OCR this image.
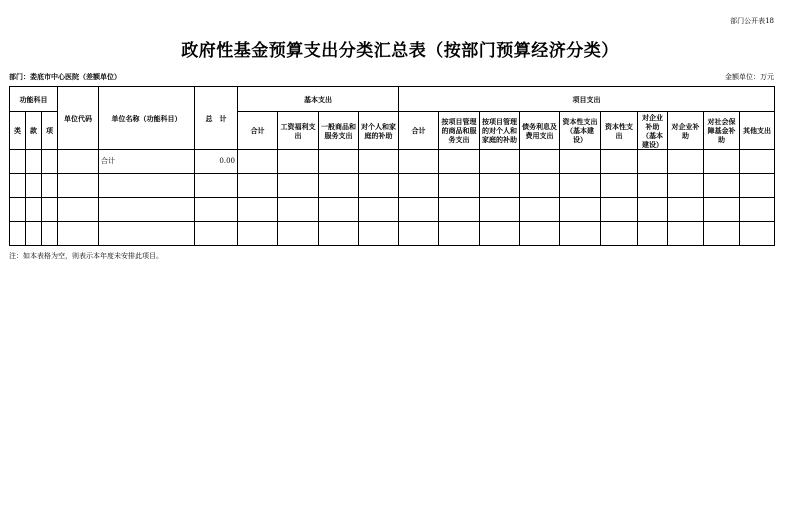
部门公开表18
政府性基金预算支出分类汇总表（按部门预算经济分类）
部门：娄底市中心医院（差额单位）	金额单位：万元
功能科目			单位代码	单位名称（功能科目）	总　计	基本支出				项目支出									
类	款	项				合计	工资福利支出	一般商品和服务支出	对个人和家庭的补助	合计	按项目管理的商品和服务支出	按项目管理的对个人和家庭的补助	债务利息及费用支出	资本性支出（基本建设）	资本性支出	对企业补助（基本建设）	对企业补助	对社会保障基金补助	其他支出
				合计	0.00														

注：如本表格为空，则表示本年度未安排此项目。
